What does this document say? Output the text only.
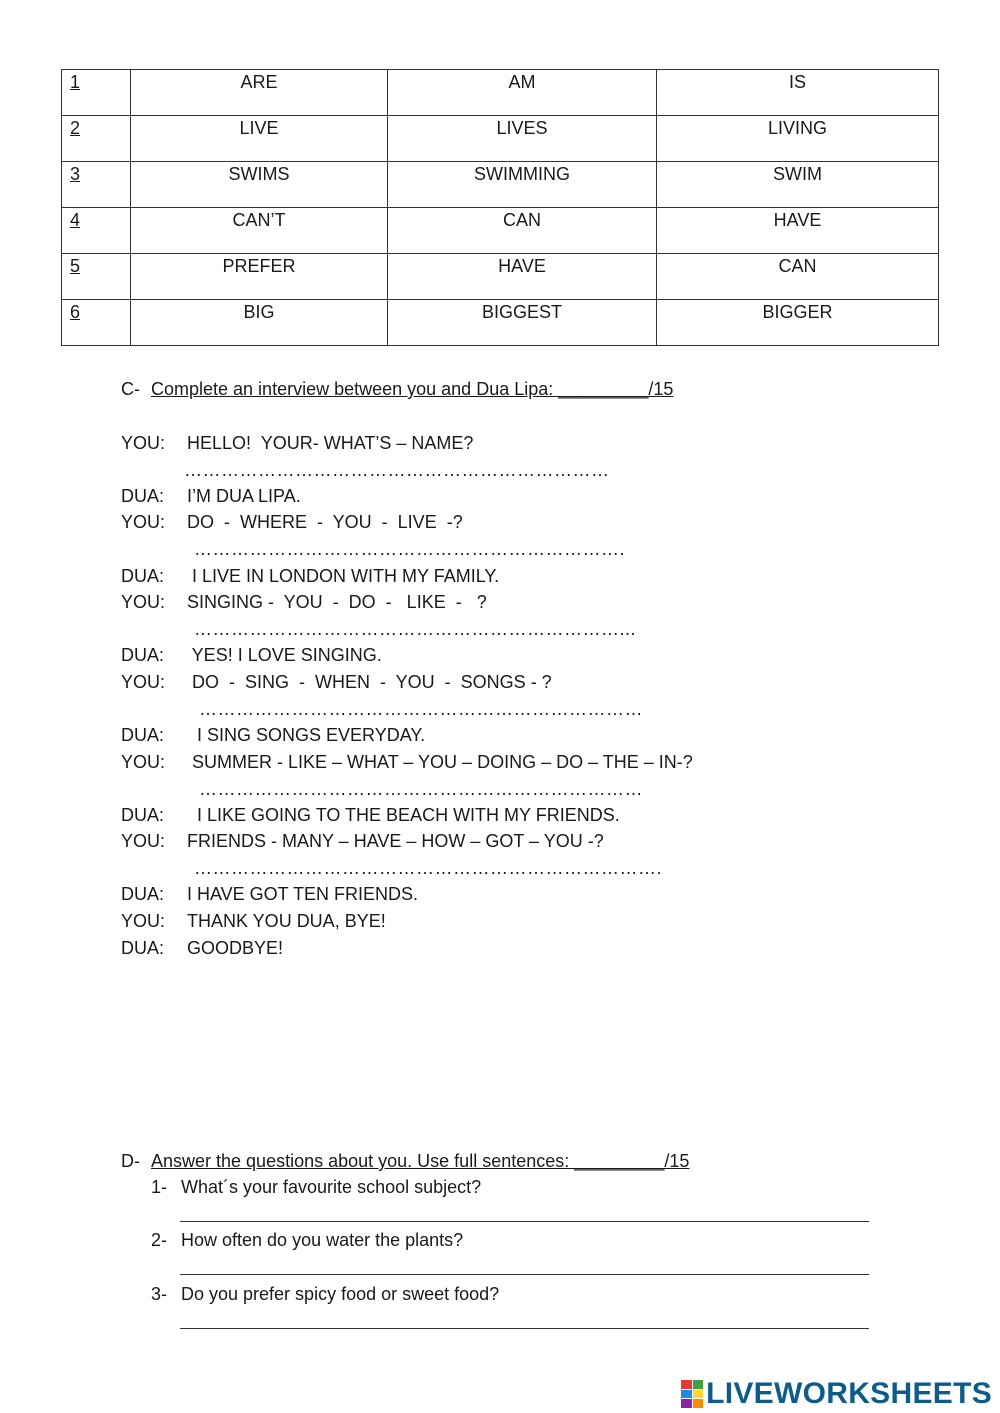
1	ARE	AM	IS
2	LIVE	LIVES	LIVING
3	SWIMS	SWIMMING	SWIM
4	CAN’T	CAN	HAVE
5	PREFER	HAVE	CAN
6	BIG	BIGGEST	BIGGER
C- Complete an interview between you and Dua Lipa: _________/15
YOU: HELLO!  YOUR- WHAT’S – NAME?
……………………………………………………………
DUA: I’M DUA LIPA.
YOU: DO  -  WHERE  -  YOU  -  LIVE  -?
…………………………………………………………….
DUA: I LIVE IN LONDON WITH MY FAMILY.
YOU: SINGING -  YOU  -  DO  -   LIKE  -   ?
……………………………………………………………...
DUA: YES! I LOVE SINGING.
YOU: DO  -  SING  -  WHEN  -  YOU  -  SONGS - ?
………………………………………………………………
DUA:  I SING SONGS EVERYDAY.
YOU: SUMMER - LIKE – WHAT – YOU – DOING – DO – THE – IN-?
………………………………………………………………
DUA:  I LIKE GOING TO THE BEACH WITH MY FRIENDS.
YOU: FRIENDS - MANY – HAVE – HOW – GOT – YOU -?
………………………………………………………………….
DUA: I HAVE GOT TEN FRIENDS.
YOU: THANK YOU DUA, BYE!
DUA: GOODBYE!
D- Answer the questions about you. Use full sentences: _________/15
1- What´s your favourite school subject?
2- How often do you water the plants?
3- Do you prefer spicy food or sweet food?
LIVEWORKSHEETS
